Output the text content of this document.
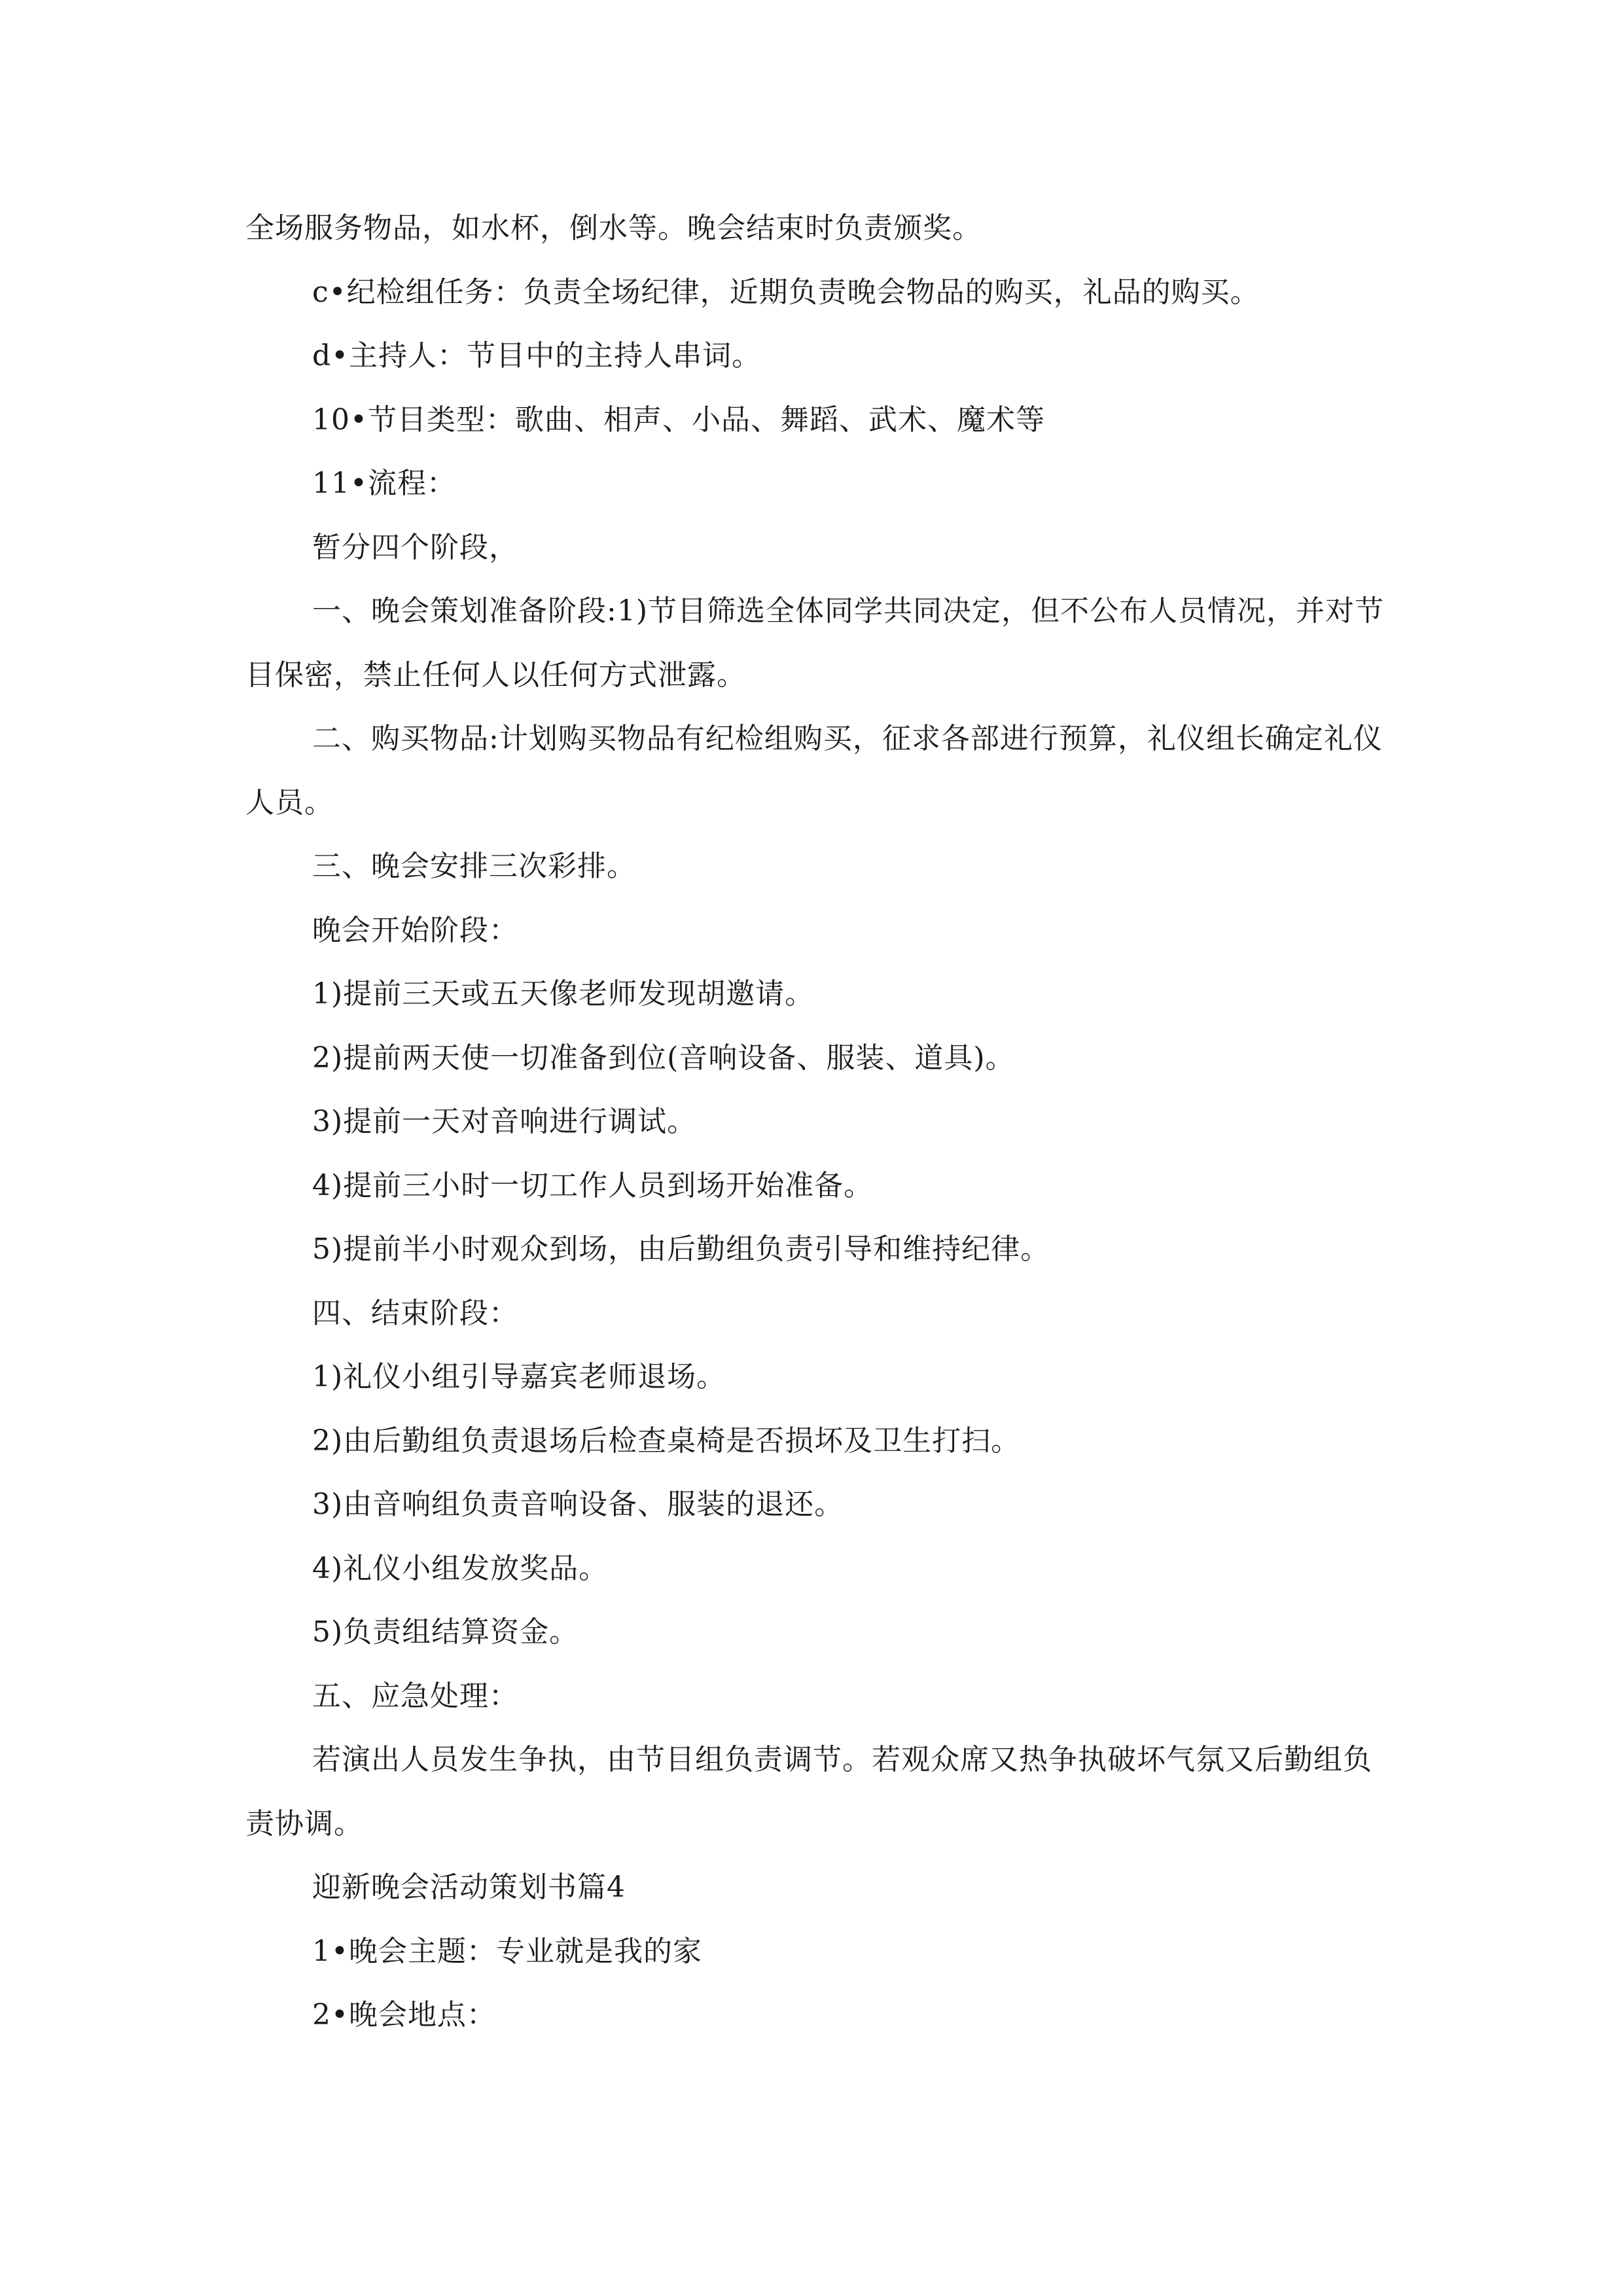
全场服务物品，如水杯，倒水等。晚会结束时负责颁奖。

c•纪检组任务：负责全场纪律，近期负责晚会物品的购买，礼品的购买。

d•主持人：节目中的主持人串词。

10•节目类型：歌曲、相声、小品、舞蹈、武术、魔术等

11•流程：

暂分四个阶段，

一、晚会策划准备阶段:1)节目筛选全体同学共同决定，但不公布人员情况，并对节目保密，禁止任何人以任何方式泄露。

二、购买物品:计划购买物品有纪检组购买，征求各部进行预算，礼仪组长确定礼仪人员。

三、晚会安排三次彩排。

晚会开始阶段：

1)提前三天或五天像老师发现胡邀请。

2)提前两天使一切准备到位(音响设备、服装、道具)。

3)提前一天对音响进行调试。

4)提前三小时一切工作人员到场开始准备。

5)提前半小时观众到场，由后勤组负责引导和维持纪律。

四、结束阶段：

1)礼仪小组引导嘉宾老师退场。

2)由后勤组负责退场后检查桌椅是否损坏及卫生打扫。

3)由音响组负责音响设备、服装的退还。

4)礼仪小组发放奖品。

5)负责组结算资金。

五、应急处理：

若演出人员发生争执，由节目组负责调节。若观众席又热争执破坏气氛又后勤组负责协调。

迎新晚会活动策划书篇4

1•晚会主题：专业就是我的家

2•晚会地点：
